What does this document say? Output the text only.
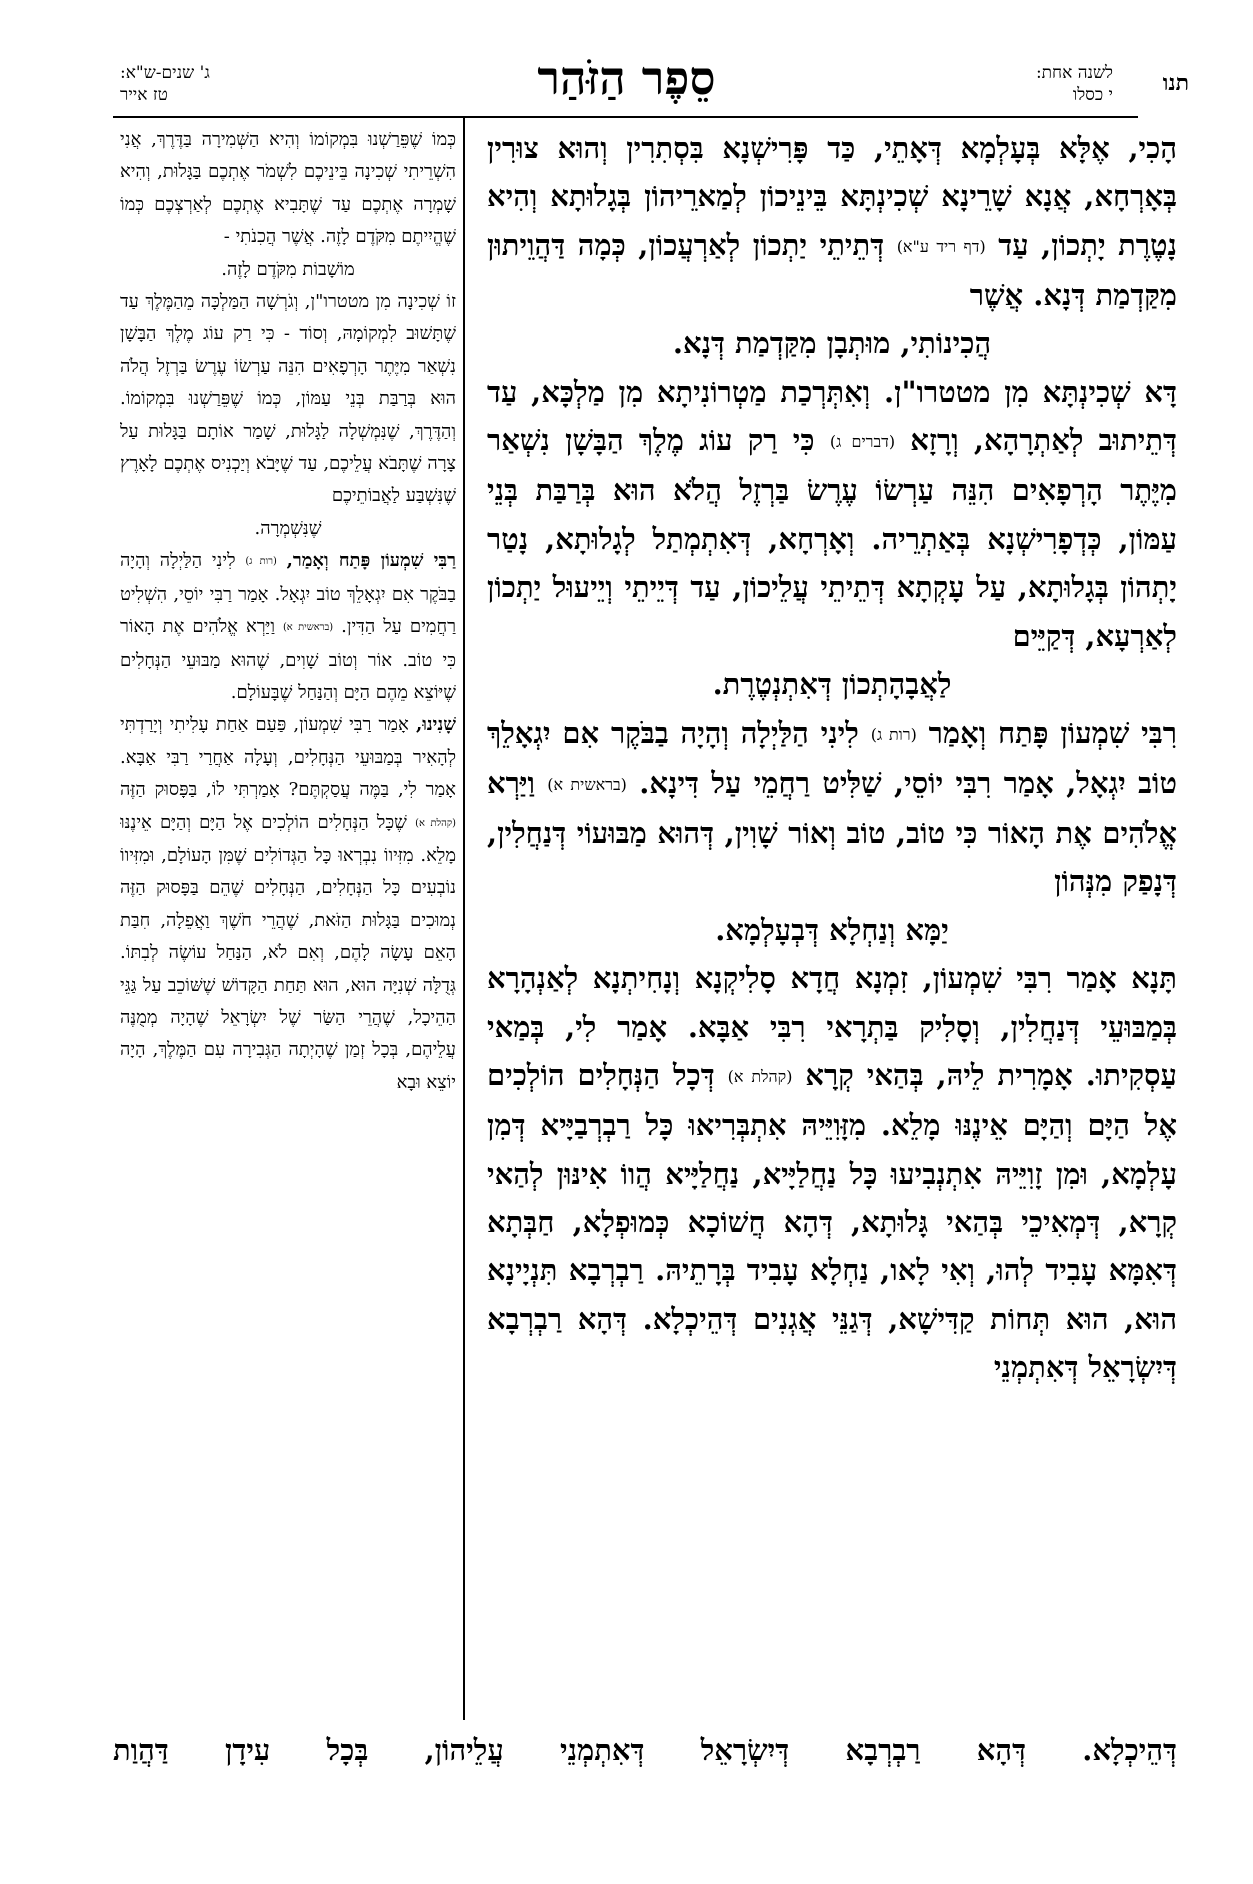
תנו
לשנה אחת:
י כסלו
סֵפֶר הַזֹּהַר
ג' שנים-ש"א:
טז אייר

הָכִי, אֶלָּא בְּעָלְמָא דְּאָתֵי, כַּד פָּרִישְׁנָא בִּסְתִרִין וְהוּא צוּרִין בְּאָרְחָא, אֲנָא שָׁרֵינָא שְׁכִינְתָּא בֵּינֵיכוֹן לְמַארֵיהוֹן בְּגָלוּתָא וְהִיא נָטֶרֶת יָתְכוֹן, עַד (דף ריד ע"א) דְּתֵיתֵי יַתְכוֹן לְאַרְעֲכוֹן, כְּמָה דַּהֲוֵיתוּן מִקַּדְמַת דְּנָא. אֲשֶׁר

הֲכִינוֹתִי, מוּתְבָן מִקַּדְמַת דְּנָא.

דָּא שְׁכִינְתָּא מִן מטטרו"ן. וְאִתְּרְכַת מַטְרוֹנִיתָא מִן מַלְכָּא, עַד דְּתֵיתוּב לְאַתְרָהָא, וְרָזָא (דברים ג) כִּי רַק עוֹג מֶלֶךְ הַבָּשָׁן נִשְׁאַר מִיֶּתֶר הָרְפָאִים הִנֵּה עַרְשׂוֹ עֶרֶשׂ בַּרְזֶל הֲלֹא הוּא בְּרַבַּת בְּנֵי עַמּוֹן, כְּדְפָרִישְׁנָא בְּאַתְרֵיה. וְאָרְחָא, דְּאִתְמְתַל לְגָלוּתָא, נָטַר יָתְהוֹן בְּגָלוּתָא, עַל עָקְתָא דְּתֵיתֵי עֲלֵיכוֹן, עַד דְּיֵיתֵי וְיֵיעוּל יַתְכוֹן לְאַרְעָא, דְּקַיֵּים

לַאֲבָהָתְכוֹן דְּאִתְנְטֶרֶת.

רִבִּי שִׁמְעוֹן פָּתַח וְאָמַר (רות ג) לִינִי הַלַּיְלָה וְהָיָה בַבֹּקֶר אִם יִגְאָלֵךְ טוֹב יִגְאָל, אָמַר רִבִּי יוֹסֵי, שַׁלִּיט רַחֲמֵי עַל דִּינָא. (בראשית א) וַיַּרְא אֱלֹהִים אֶת הָאוֹר כִּי טוֹב, טוֹב וְאוֹר שָׁוִין, דְּהוּא מַבּוּעוֹי דְּנַחֲלִין, דְּנָפַק מִנְּהוֹן

יַמָּא וְנַחְלָא דְּבְעָלְמָא.

תָּנָא אָמַר רִבִּי שִׁמְעוֹן, זִמְנָא חֲדָא סָלִיקְנָא וְנָחִיתְנָא לְאַנְהָרָא בְּמַבּוּעֵי דְּנַחֲלִין, וְסָלִיק בַּתְרָאי רִבִּי אַבָּא. אָמַר לִי, בְּמַאי עַסְקִיתוּ. אָמָרִית לֵיהּ, בְּהַאי קְרָא (קהלת א) דְּכָל הַנְּחָלִים הוֹלְכִים אֶל הַיָּם וְהַיָּם אֵינֶנּוּ מָלֵא. מִזָּוִיֵּיהּ אִתְבְּרִיאוּ כָּל רַבְרְבַיָּיא דְּמִן עָלְמָא, וּמִן זָוִיֵּיהּ אִתְנְבִיעוּ כָּל נַחֲלַיָּיא, נַחֲלַיָּיא הֲווֹ אִינּוּן לְהַאי קְרָא, דְּמְאִיכֵי בְּהַאי גָּלוּתָא, דְּהָא חֲשׁוֹכָא כְּמוּפְלָא, חַבְּתָא דְּאִמָּא עָבִיד לְהוּ, וְאִי לָאו, נַחְלָא עָבִיד בְּרָתֵיהּ. רַבְרְבָא תִּנְיָינָא הוּא, הוּא תְּחוֹת קַדִּישָׁא, דְּגַנֵּי אֲגְנִים דְּהֵיכְלָא. דְּהָא רַבְרְבָא דְּיִשְׂרָאֵל דְּאִתְמְנֵי

כְּמוֹ שֶׁפֵּרַשְׁנוּ בִּמְקוֹמוֹ וְהִיא הַשְּׁמִירָה בַּדֶּרֶךְ, אֲנִי הִשְׁרֵיתִי שְׁכִינָה בֵּינֵיכֶם לִשְׁמֹר אֶתְכֶם בַּגָּלוּת, וְהִיא שָׁמְרָה אֶתְכֶם עַד שֶׁתָּבִיא אֶתְכֶם לְאַרְצְכֶם כְּמוֹ שֶׁהֱיִיתֶם מִקֹּדֶם לָזֶה. אֲשֶׁר הֲכִנֹתִי -

מוֹשָׁבוֹת מִקֹּדֶם לָזֶה.

זוֹ שְׁכִינָה מִן מטטרו"ן, וְגֹרְשָׁה הַמַּלְכָּה מֵהַמֶּלֶךְ עַד שֶׁתָּשׁוּב לִמְקוֹמָהּ, וְסוֹד - כִּי רַק עוֹג מֶלֶךְ הַבָּשָׁן נִשְׁאַר מִיֶּתֶר הָרְפָאִים הִנֵּה עַרְשׂוֹ עֶרֶשׂ בַּרְזֶל הֲלֹה הוּא בְּרַבַּת בְּנֵי עַמּוֹן, כְּמוֹ שֶׁפֵּרַשְׁנוּ בִּמְקוֹמוֹ. וְהַדֶּרֶךְ, שֶׁנִּמְשְׁלָה לַגָּלוּת, שָׁמַר אוֹתָם בַּגָּלוּת עַל צָרָה שֶׁתָּבֹא עֲלֵיכֶם, עַד שֶׁיָּבֹא וְיַכְנִיס אֶתְכֶם לָאָרֶץ שֶׁנִּשְׁבַּע לַאֲבוֹתֵיכֶם

שֶׁנִּשְׁמְרָה.

רַבִּי שִׁמְעוֹן פָּתַח וְאָמַר, (רות ג) לִינִי הַלַּיְלָה וְהָיָה בַבֹּקֶר אִם יִגְאָלֵךְ טוֹב יִגְאָל. אָמַר רַבִּי יוֹסֵי, הִשְׁלִיט רַחֲמִים עַל הַדִּין. (בראשית א) וַיַּרְא אֱלֹהִים אֶת הָאוֹר כִּי טוֹב. אוֹר וְטוֹב שָׁוִים, שֶׁהוּא מַבּוּעֵי הַנְּחָלִים שֶׁיּוֹצֵא מֵהֶם הַיָּם וְהַנַּחַל שֶׁבָּעוֹלָם.

שָׁנִינוּ, אָמַר רַבִּי שִׁמְעוֹן, פַּעַם אַחַת עָלִיתִי וְיָרַדְתִּי לְהָאִיר בְּמַבּוּעֵי הַנְּחָלִים, וְעָלָה אַחֲרַי רַבִּי אַבָּא. אָמַר לִי, בַּמֶּה עֲסַקְתֶּם? אָמַרְתִּי לוֹ, בַּפָּסוּק הַזֶּה (קהלת א) שֶׁכָּל הַנְּחָלִים הוֹלְכִים אֶל הַיָּם וְהַיָּם אֵינֶנּוּ מָלֵא. מִזִּיווֹ נִבְרְאוּ כָּל הַגְּדוֹלִים שֶׁמִּן הָעוֹלָם, וּמִזִּיווֹ נוֹבְעִים כָּל הַנְּחָלִים, הַנְּחָלִים שֶׁהֵם בַּפָּסוּק הַזֶּה נְמוּכִים בַּגָּלוּת הַזֹּאת, שֶׁהֲרֵי חֹשֶׁךְ וַאֲפֵלָה, חִבַּת הָאֵם עָשָׂה לָהֶם, וְאִם לֹא, הַנַּחַל עוֹשֶׂה לְבִתּוֹ. גְּדֻלָּה שְׁנִיָּה הוּא, הוּא תַּחַת הַקָּדוֹשׁ שֶׁשּׁוֹכֵב עַל גַּגֵּי הַהֵיכָל, שֶׁהֲרֵי הַשַּׂר שֶׁל יִשְׂרָאֵל שֶׁהָיָה מְמֻנֶּה עֲלֵיהֶם, בְּכָל זְמַן שֶׁהָיְתָה הַגְּבִירָה עִם הַמֶּלֶךְ, הָיָה יוֹצֵא וּבָא

דְּהֵיכְלָא. דְּהָא רַבְרְבָא דְּיִשְׂרָאֵל דְּאִתְמְנֵי עֲלֵיהוֹן, בְּכָל עִידָן דַּהֲוַת
